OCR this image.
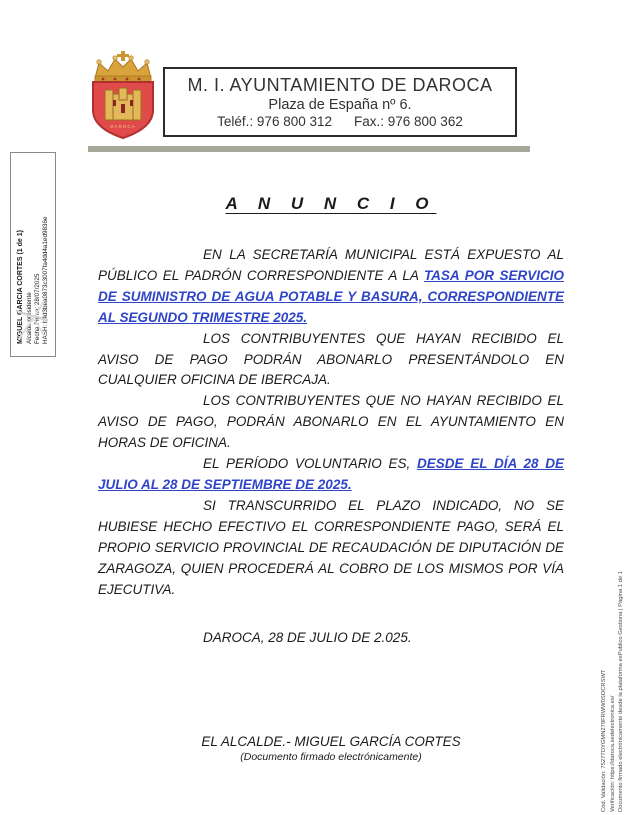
DAROCA
M. I. AYUNTAMIENTO DE DAROCA
Plaza de España nº 6.
Teléf.: 976 800 312 Fax.: 976 800 362
MIGUEL GARCIA CORTES (1 de 1) Alcalde presidente Fecha Firma: 28/07/2025 HASH: b4d3bea0873c3007fa4dd4a1ed9836e
A N U N C I O

EN LA SECRETARÍA MUNICIPAL ESTÁ EXPUESTO AL PÚBLICO EL PADRÓN CORRESPONDIENTE A LA TASA POR SERVICIO DE SUMINISTRO DE AGUA POTABLE Y BASURA, CORRESPONDIENTE AL SEGUNDO TRIMESTRE 2025.

LOS CONTRIBUYENTES QUE HAYAN RECIBIDO EL AVISO DE PAGO PODRÁN ABONARLO PRESENTÁNDOLO EN CUALQUIER OFICINA DE IBERCAJA.

LOS CONTRIBUYENTES QUE NO HAYAN RECIBIDO EL AVISO DE PAGO, PODRÁN ABONARLO EN EL AYUNTAMIENTO EN HORAS DE OFICINA.

EL PERÍODO VOLUNTARIO ES, DESDE EL DÍA 28 DE JULIO AL 28 DE SEPTIEMBRE DE 2025.

SI TRANSCURRIDO EL PLAZO INDICADO, NO SE HUBIESE HECHO EFECTIVO EL CORRESPONDIENTE PAGO, SERÁ EL PROPIO SERVICIO PROVINCIAL DE RECAUDACIÓN DE DIPUTACIÓN DE ZARAGOZA, QUIEN PROCEDERÁ AL COBRO DE LOS MISMOS POR VÍA EJECUTIVA.

DAROCA, 28 DE JULIO DE 2.025.

EL ALCALDE.- MIGUEL GARCÍA CORTES
(Documento firmado electrónicamente)	Cód. Validación: 7527TDYGMN279FRWW0SOCRSWT Verificación: https://daroca.sedelectronica.es/ Documento firmado electrónicamente desde la plataforma esPublico Gestiona | Página 1 de 1
